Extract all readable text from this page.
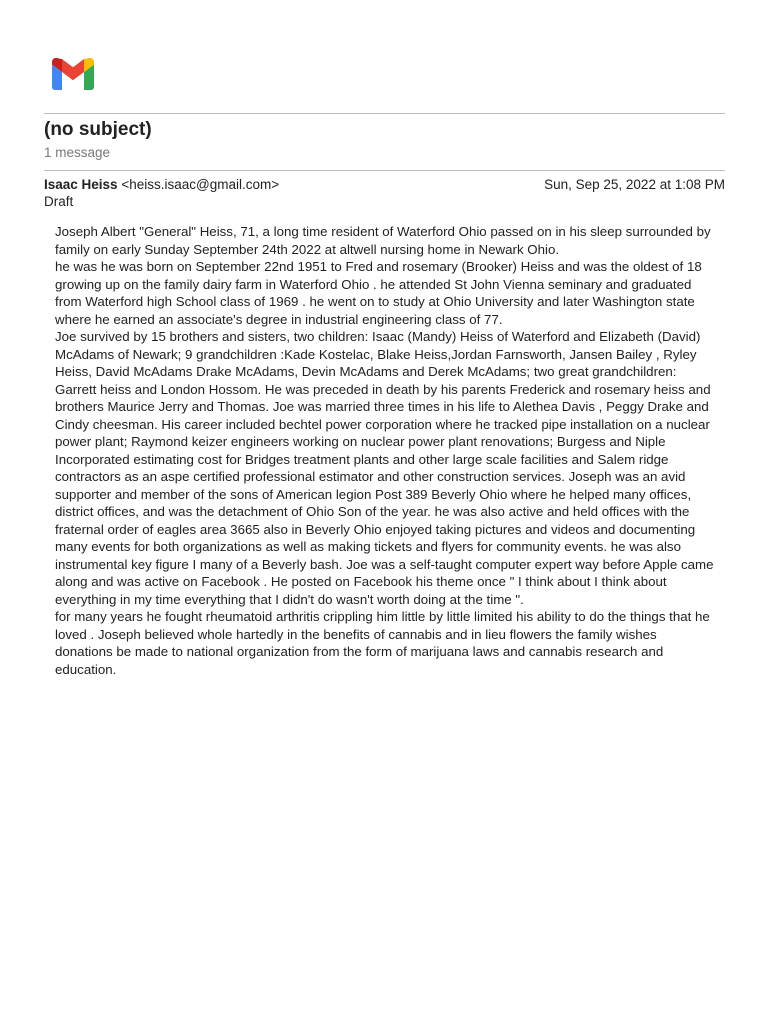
(no subject)
1 message
Isaac Heiss <heiss.isaac@gmail.com>	Sun, Sep 25, 2022 at 1:08 PM
Draft

Joseph Albert "General" Heiss, 71, a long time resident of Waterford Ohio passed on in his sleep surrounded by family on early Sunday September 24th 2022 at altwell nursing home in Newark Ohio.

he was he was born on September 22nd 1951 to Fred and rosemary (Brooker) Heiss and was the oldest of 18 growing up on the family dairy farm in Waterford Ohio . he attended St John Vienna seminary and graduated from Waterford high School class of 1969 . he went on to study at Ohio University and later Washington state where he earned an associate's degree in industrial engineering class of 77.

Joe survived by 15 brothers and sisters, two children: Isaac (Mandy) Heiss of Waterford and Elizabeth (David) McAdams of Newark; 9 grandchildren :Kade Kostelac, Blake Heiss,Jordan Farnsworth, Jansen Bailey , Ryley Heiss, David McAdams Drake McAdams, Devin McAdams and Derek McAdams; two great grandchildren: Garrett heiss and London Hossom. He was preceded in death by his parents Frederick and rosemary heiss and brothers Maurice Jerry and Thomas. Joe was married three times in his life to Alethea Davis , Peggy Drake and Cindy cheesman. His career included bechtel power corporation where he tracked pipe installation on a nuclear power plant; Raymond keizer engineers working on nuclear power plant renovations; Burgess and Niple Incorporated estimating cost for Bridges treatment plants and other large scale facilities and Salem ridge contractors as an aspe certified professional estimator and other construction services. Joseph was an avid supporter and member of the sons of American legion Post 389 Beverly Ohio where he helped many offices, district offices, and was the detachment of Ohio Son of the year. he was also active and held offices with the fraternal order of eagles area 3665 also in Beverly Ohio enjoyed taking pictures and videos and documenting many events for both organizations as well as making tickets and flyers for community events. he was also instrumental key figure I many of a Beverly bash. Joe was a self-taught computer expert way before Apple came along and was active on Facebook . He posted on Facebook his theme once " I think about I think about everything in my time everything that I didn't do wasn't worth doing at the time ".

for many years he fought rheumatoid arthritis crippling him little by little limited his ability to do the things that he loved . Joseph believed whole hartedly in the benefits of cannabis and in lieu flowers the family wishes donations be made to national organization from the form of marijuana laws and cannabis research and education.
